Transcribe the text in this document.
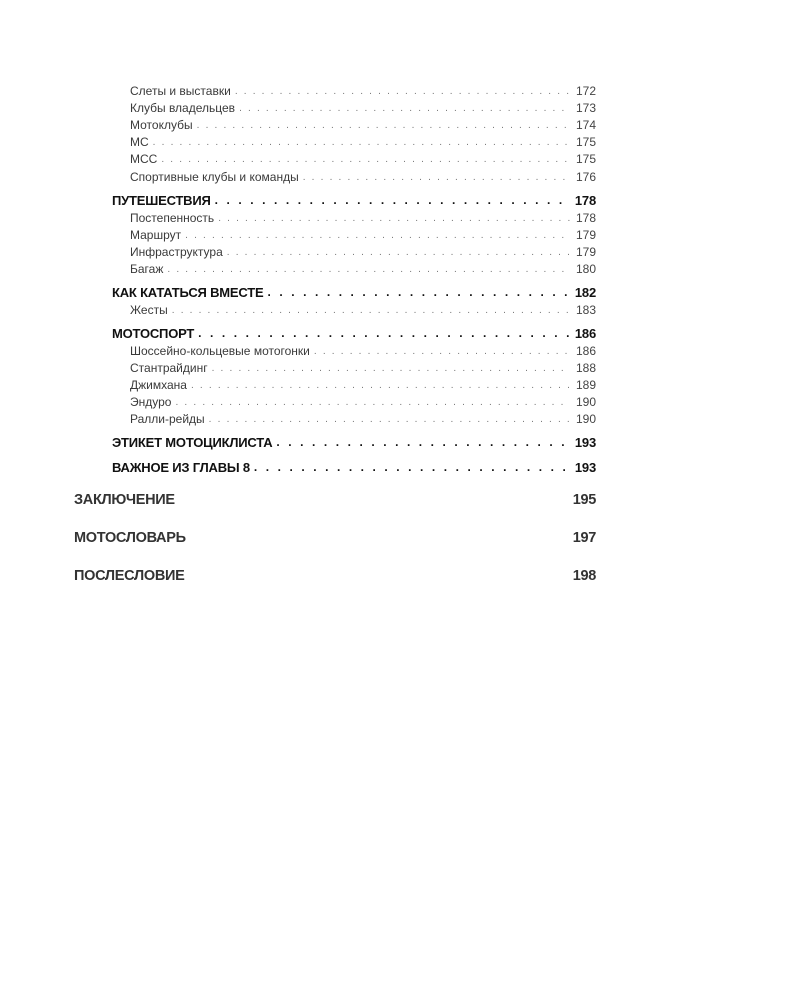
Слеты и выставки . . .	172
Клубы владельцев . . .	173
Мотоклубы . . .	174
МС . . .	175
МСС . . .	175
Спортивные клубы и команды . . .	176
ПУТЕШЕСТВИЯ . . .	178
Постепенность . . .	178
Маршрут . . .	179
Инфраструктура . . .	179
Багаж . . .	180
КАК КАТАТЬСЯ ВМЕСТЕ . . .	182
Жесты . . .	183
МОТОСПОРТ . . .	186
Шоссейно-кольцевые мотогонки . . .	186
Стантрайдинг . . .	188
Джимхана . . .	189
Эндуро . . .	190
Ралли-рейды . . .	190
ЭТИКЕТ МОТОЦИКЛИСТА . . .	193
ВАЖНОЕ ИЗ ГЛАВЫ 8 . . .	193
ЗАКЛЮЧЕНИЕ	195
МОТОСЛОВАРЬ	197
ПОСЛЕСЛОВИЕ	198
